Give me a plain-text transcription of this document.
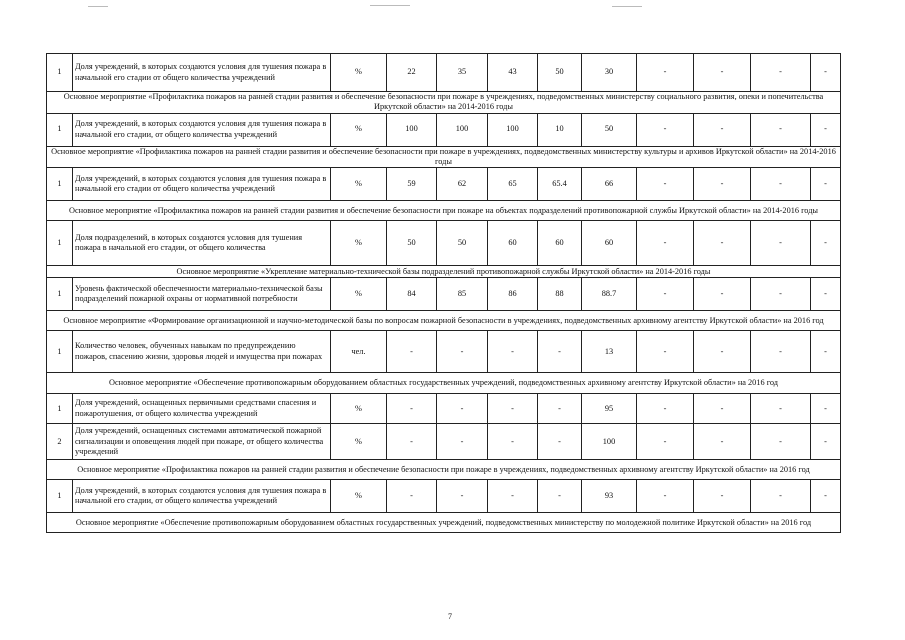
1	Доля учреждений, в которых создаются условия для тушения пожара в начальной его стадии от общего количества учреждений	%	22	35	43	50	30	-	-	-	-
Основное мероприятие «Профилактика пожаров на ранней стадии развития и обеспечение безопасности при пожаре в учреждениях, подведомственных министерству социального развития, опеки и попечительства Иркутской области» на 2014-2016 годы											
1	Доля учреждений, в которых создаются условия для тушения пожара в начальной его стадии, от общего количества учреждений	%	100	100	100	10	50	-	-	-	-
Основное мероприятие «Профилактика пожаров на ранней стадии развития и обеспечение безопасности при пожаре в учреждениях, подведомственных министерству культуры и архивов Иркутской области» на 2014-2016 годы											
1	Доля учреждений, в которых создаются условия для тушения пожара в начальной его стадии от общего количества учреждений	%	59	62	65	65.4	66	-	-	-	-
Основное мероприятие «Профилактика пожаров на ранней стадии развития и обеспечение безопасности при пожаре на объектах подразделений противопожарной службы Иркутской области» на 2014-2016 годы											
1	Доля подразделений, в которых создаются условия для тушения пожара в начальной его стадии, от общего количества	%	50	50	60	60	60	-	-	-	-
Основное мероприятие «Укрепление материально-технической базы подразделений противопожарной службы Иркутской области» на 2014-2016 годы											
1	Уровень фактической обеспеченности материально-технической базы подразделений пожарной охраны от нормативной потребности	%	84	85	86	88	88.7	-	-	-	-
Основное мероприятие «Формирование организационной и научно-методической базы по вопросам пожарной безопасности в учреждениях, подведомственных архивному агентству Иркутской области» на 2016 год											
1	Количество человек, обученных навыкам по предупреждению пожаров, спасению жизни, здоровья людей и имущества при пожарах	чел.	-	-	-	-	13	-	-	-	-
Основное мероприятие «Обеспечение противопожарным оборудованием областных государственных учреждений, подведомственных архивному агентству Иркутской области» на 2016 год											
1	Доля учреждений, оснащенных первичными средствами спасения и пожаротушения, от общего количества учреждений	%	-	-	-	-	95	-	-	-	-
2	Доля учреждений, оснащенных системами автоматической пожарной сигнализации и оповещения людей при пожаре, от общего количества учреждений	%	-	-	-	-	100	-	-	-	-
Основное мероприятие «Профилактика пожаров на ранней стадии развития и обеспечение безопасности при пожаре в учреждениях, подведомственных архивному агентству Иркутской области» на 2016 год											
1	Доля учреждений, в которых создаются условия для тушения пожара в начальной его стадии, от общего количества учреждений	%	-	-	-	-	93	-	-	-	-
Основное мероприятие «Обеспечение противопожарным оборудованием областных государственных учреждений, подведомственных министерству по молодежной политике Иркутской области» на 2016 год											
7
